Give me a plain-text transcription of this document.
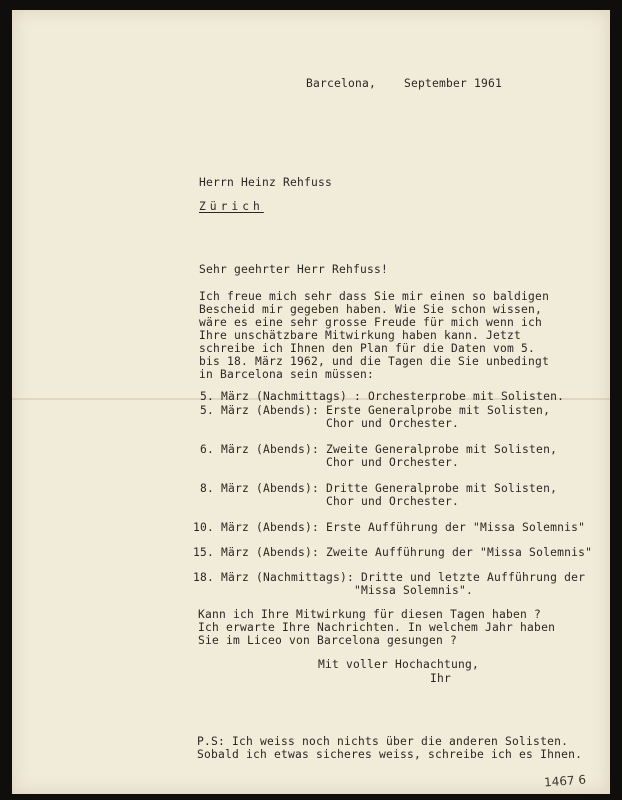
Barcelona,    September 1961

Herrn Heinz Rehfuss

Zürich

Sehr geehrter Herr Rehfuss!

Ich freue mich sehr dass Sie mir einen so baldigen

Bescheid mir gegeben haben. Wie Sie schon wissen,

wäre es eine sehr grosse Freude für mich wenn ich

Ihre unschätzbare Mitwirkung haben kann. Jetzt

schreibe ich Ihnen den Plan für die Daten vom 5.

bis 18. März 1962, und die Tagen die Sie unbedingt

in Barcelona sein müssen:

5. März (Nachmittags) : Orchesterprobe mit Solisten.

5. März (Abends): Erste Generalprobe mit Solisten,

Chor und Orchester.

6. März (Abends): Zweite Generalprobe mit Solisten,

Chor und Orchester.

8. März (Abends): Dritte Generalprobe mit Solisten,

Chor und Orchester.

10. März (Abends): Erste Aufführung der "Missa Solemnis"

15. März (Abends): Zweite Aufführung der "Missa Solemnis"

18. März (Nachmittags): Dritte und letzte Aufführung der

"Missa Solemnis".

Kann ich Ihre Mitwirkung für diesen Tagen haben ?

Ich erwarte Ihre Nachrichten. In welchem Jahr haben

Sie im Liceo von Barcelona gesungen ?

Mit voller Hochachtung,

Ihr

P.S: Ich weiss noch nichts über die anderen Solisten.

Sobald ich etwas sicheres weiss, schreibe ich es Ihnen.

1467 6
